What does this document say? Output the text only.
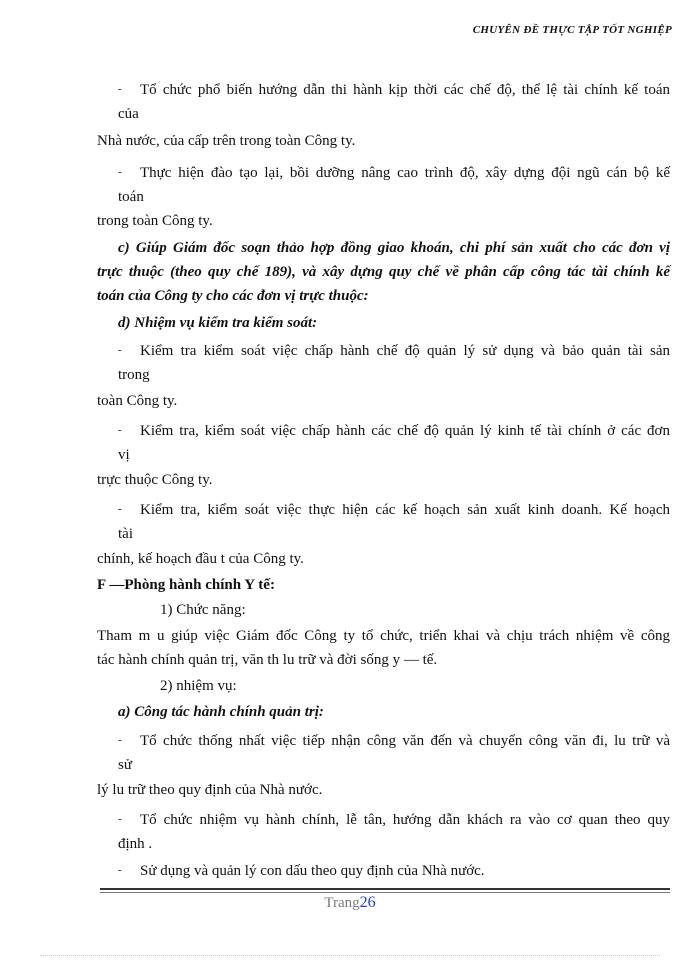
CHUYÊN ĐỀ THỰC TẬP TỐT NGHIỆP
- Tổ chức phổ biến hướng dẫn thi hành kịp thời các chế độ, thể lệ tài chính kế toán
của
Nhà nước, của cấp trên trong toàn Công ty.
- Thực hiện đào tạo lại, bồi dưỡng nâng cao trình độ, xây dựng đội ngũ cán bộ kế
toán
trong toàn Công ty.
c) Giúp Giám đốc soạn thảo hợp đồng giao khoán, chi phí sản xuất cho các đơn vị
trực thuộc (theo quy chế 189), và xây dựng quy chế về phân cấp công tác tài chính kế
toán của Công ty cho các đơn vị trực thuộc:
d) Nhiệm vụ kiểm tra kiểm soát:
- Kiểm tra kiểm soát việc chấp hành chế độ quản lý sử dụng và bảo quản tài sản
trong
toàn Công ty.
- Kiểm tra, kiểm soát việc chấp hành các chế độ quản lý kinh tế tài chính ở các đơn
vị
trực thuộc Công ty.
- Kiểm tra, kiểm soát việc thực hiện các kế hoạch sản xuất kinh doanh. Kế hoạch
tài
chính, kế hoạch đầu t của Công ty.
F —Phòng hành chính Y tế:
1) Chức năng:
Tham m u giúp việc Giám đốc Công ty tổ chức, triển khai và chịu trách nhiệm về công
tác hành chính quản trị, văn th lu trữ và đời sống y — tế.
2) nhiệm vụ:
a) Công tác hành chính quản trị:
- Tổ chức thống nhất việc tiếp nhận công văn đến và chuyển công văn đi, lu trữ và
sử
lý lu trữ theo quy định của Nhà nước.
- Tổ chức nhiệm vụ hành chính, lễ tân, hướng dẫn khách ra vào cơ quan theo quy
định .
- Sử dụng và quản lý con dấu theo quy định của Nhà nước.
Trang26
